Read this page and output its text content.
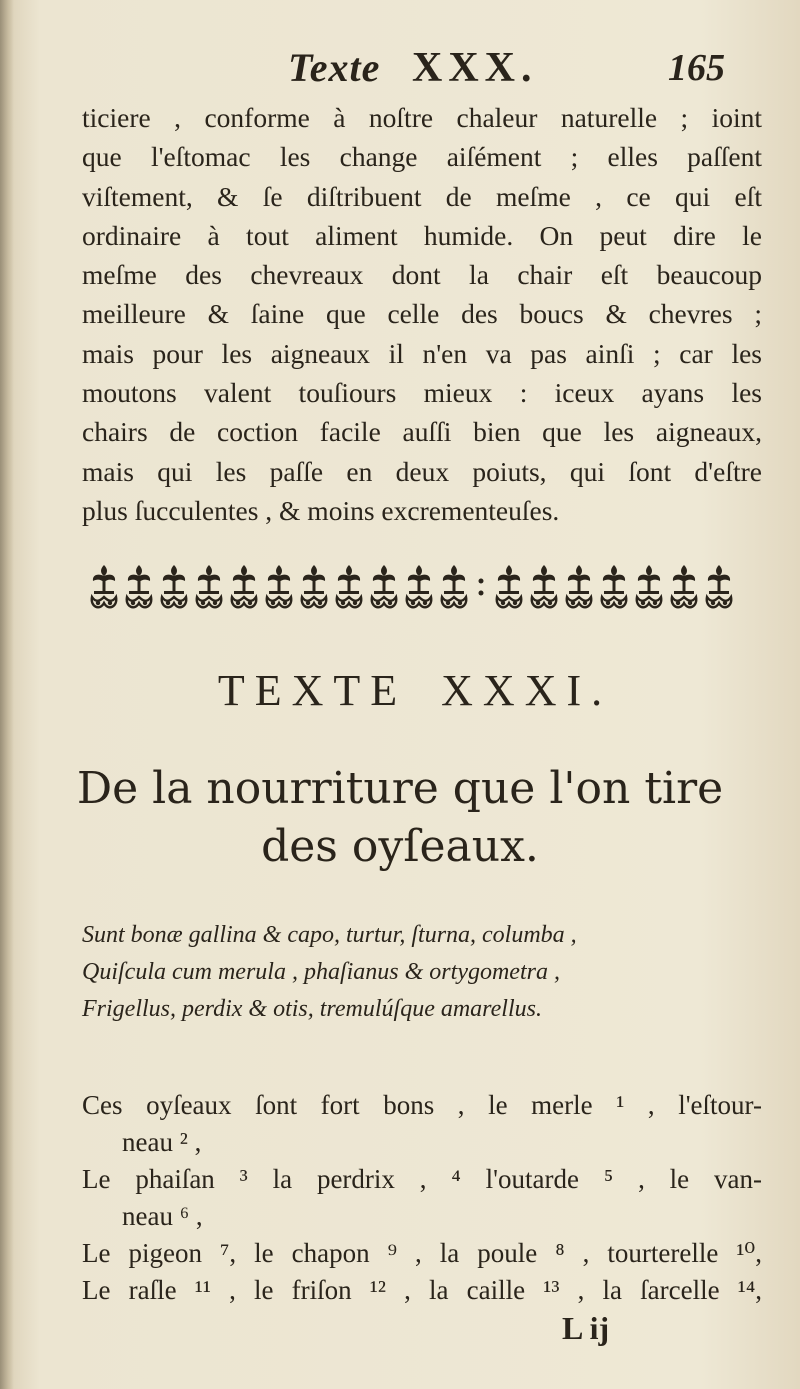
Texte XXX.	165
ticiere , conforme à noſtre chaleur naturelle ; ioint
que l'eſtomac les change aiſément ; elles paſſent
viſtement, & ſe diſtribuent de meſme , ce qui eſt
ordinaire à tout aliment humide. On peut dire le
meſme des chevreaux dont la chair eſt beaucoup
meilleure & ſaine que celle des boucs & chevres ;
mais pour les aigneaux il n'en va pas ainſi ; car les
moutons valent touſiours mieux : iceux ayans les
chairs de coction facile auſſi bien que les aigneaux,
mais qui les paſſe en deux poiuts, qui ſont d'eſtre
plus ſucculentes , & moins excrementeuſes.
TEXTE XXXI.
De la nourriture que l'on tire
des oyſeaux.
Sunt bonæ gallina & capo, turtur, ſturna, columba ,
Quiſcula cum merula , phaſianus & ortygometra ,
Frigellus, perdix & otis, tremulúſque amarellus.
Ces oyſeaux ſont fort bons , le merle ¹ , l'eſtour-
neau ² ,
Le phaiſan ³ la perdrix , ⁴ l'outarde ⁵ , le van-
neau ⁶ ,
Le pigeon ⁷, le chapon ⁹ , la poule ⁸ , tourterelle ¹⁰,
Le raſle ¹¹ , le friſon ¹² , la caille ¹³ , la ſarcelle ¹⁴,
L ij
